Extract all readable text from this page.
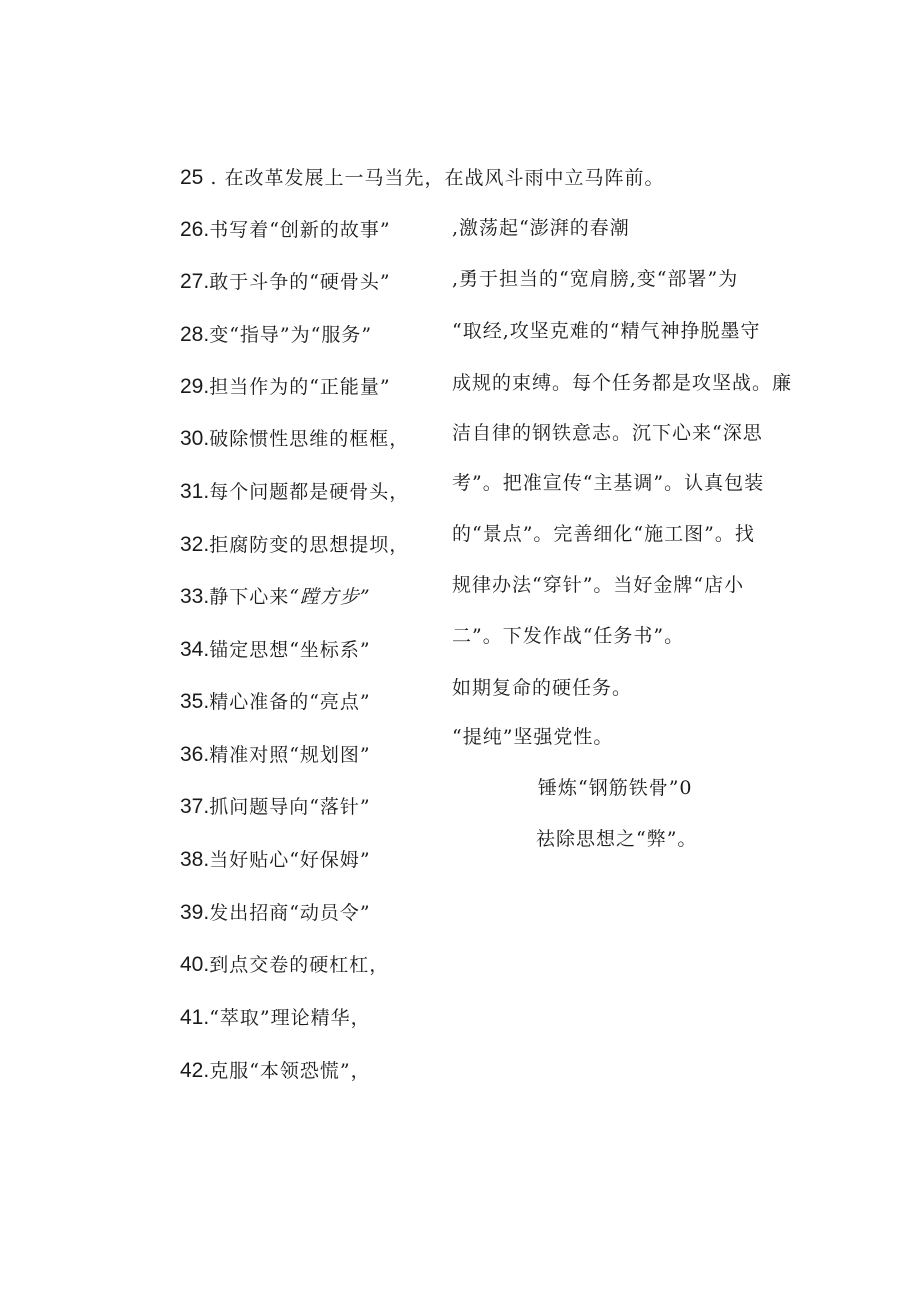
25 . 在改革发展上一马当先，在战风斗雨中立马阵前。
26.书写着“创新的故事”
27.敢于斗争的“硬骨头”
28.变“指导”为“服务”
29.担当作为的“正能量”
30.破除惯性思维的框框，
31.每个问题都是硬骨头，
32.拒腐防变的思想提坝，
33.静下心来“蹚方步”
34.锚定思想“坐标系”
35.精心准备的“亮点”
36.精准对照“规划图”
37.抓问题导向“落针”
38.当好贴心“好保姆”
39.发出招商“动员令”
40.到点交卷的硬杠杠，
41.“萃取”理论精华，
42.克服“本领恐慌”，
,激荡起“澎湃的春潮
,勇于担当的“宽肩膀,变“部署”为
“取经,攻坚克难的“精气神挣脱墨守
成规的束缚。每个任务都是攻坚战。廉
洁自律的钢铁意志。沉下心来“深思
考”。把准宣传“主基调”。认真包装
的“景点”。完善细化“施工图”。找
规律办法“穿针”。当好金牌“店小
二”。下发作战“任务书”。
如期复命的硬任务。
“提纯”坚强党性。
锤炼“钢筋铁骨”0
祛除思想之“弊”。
